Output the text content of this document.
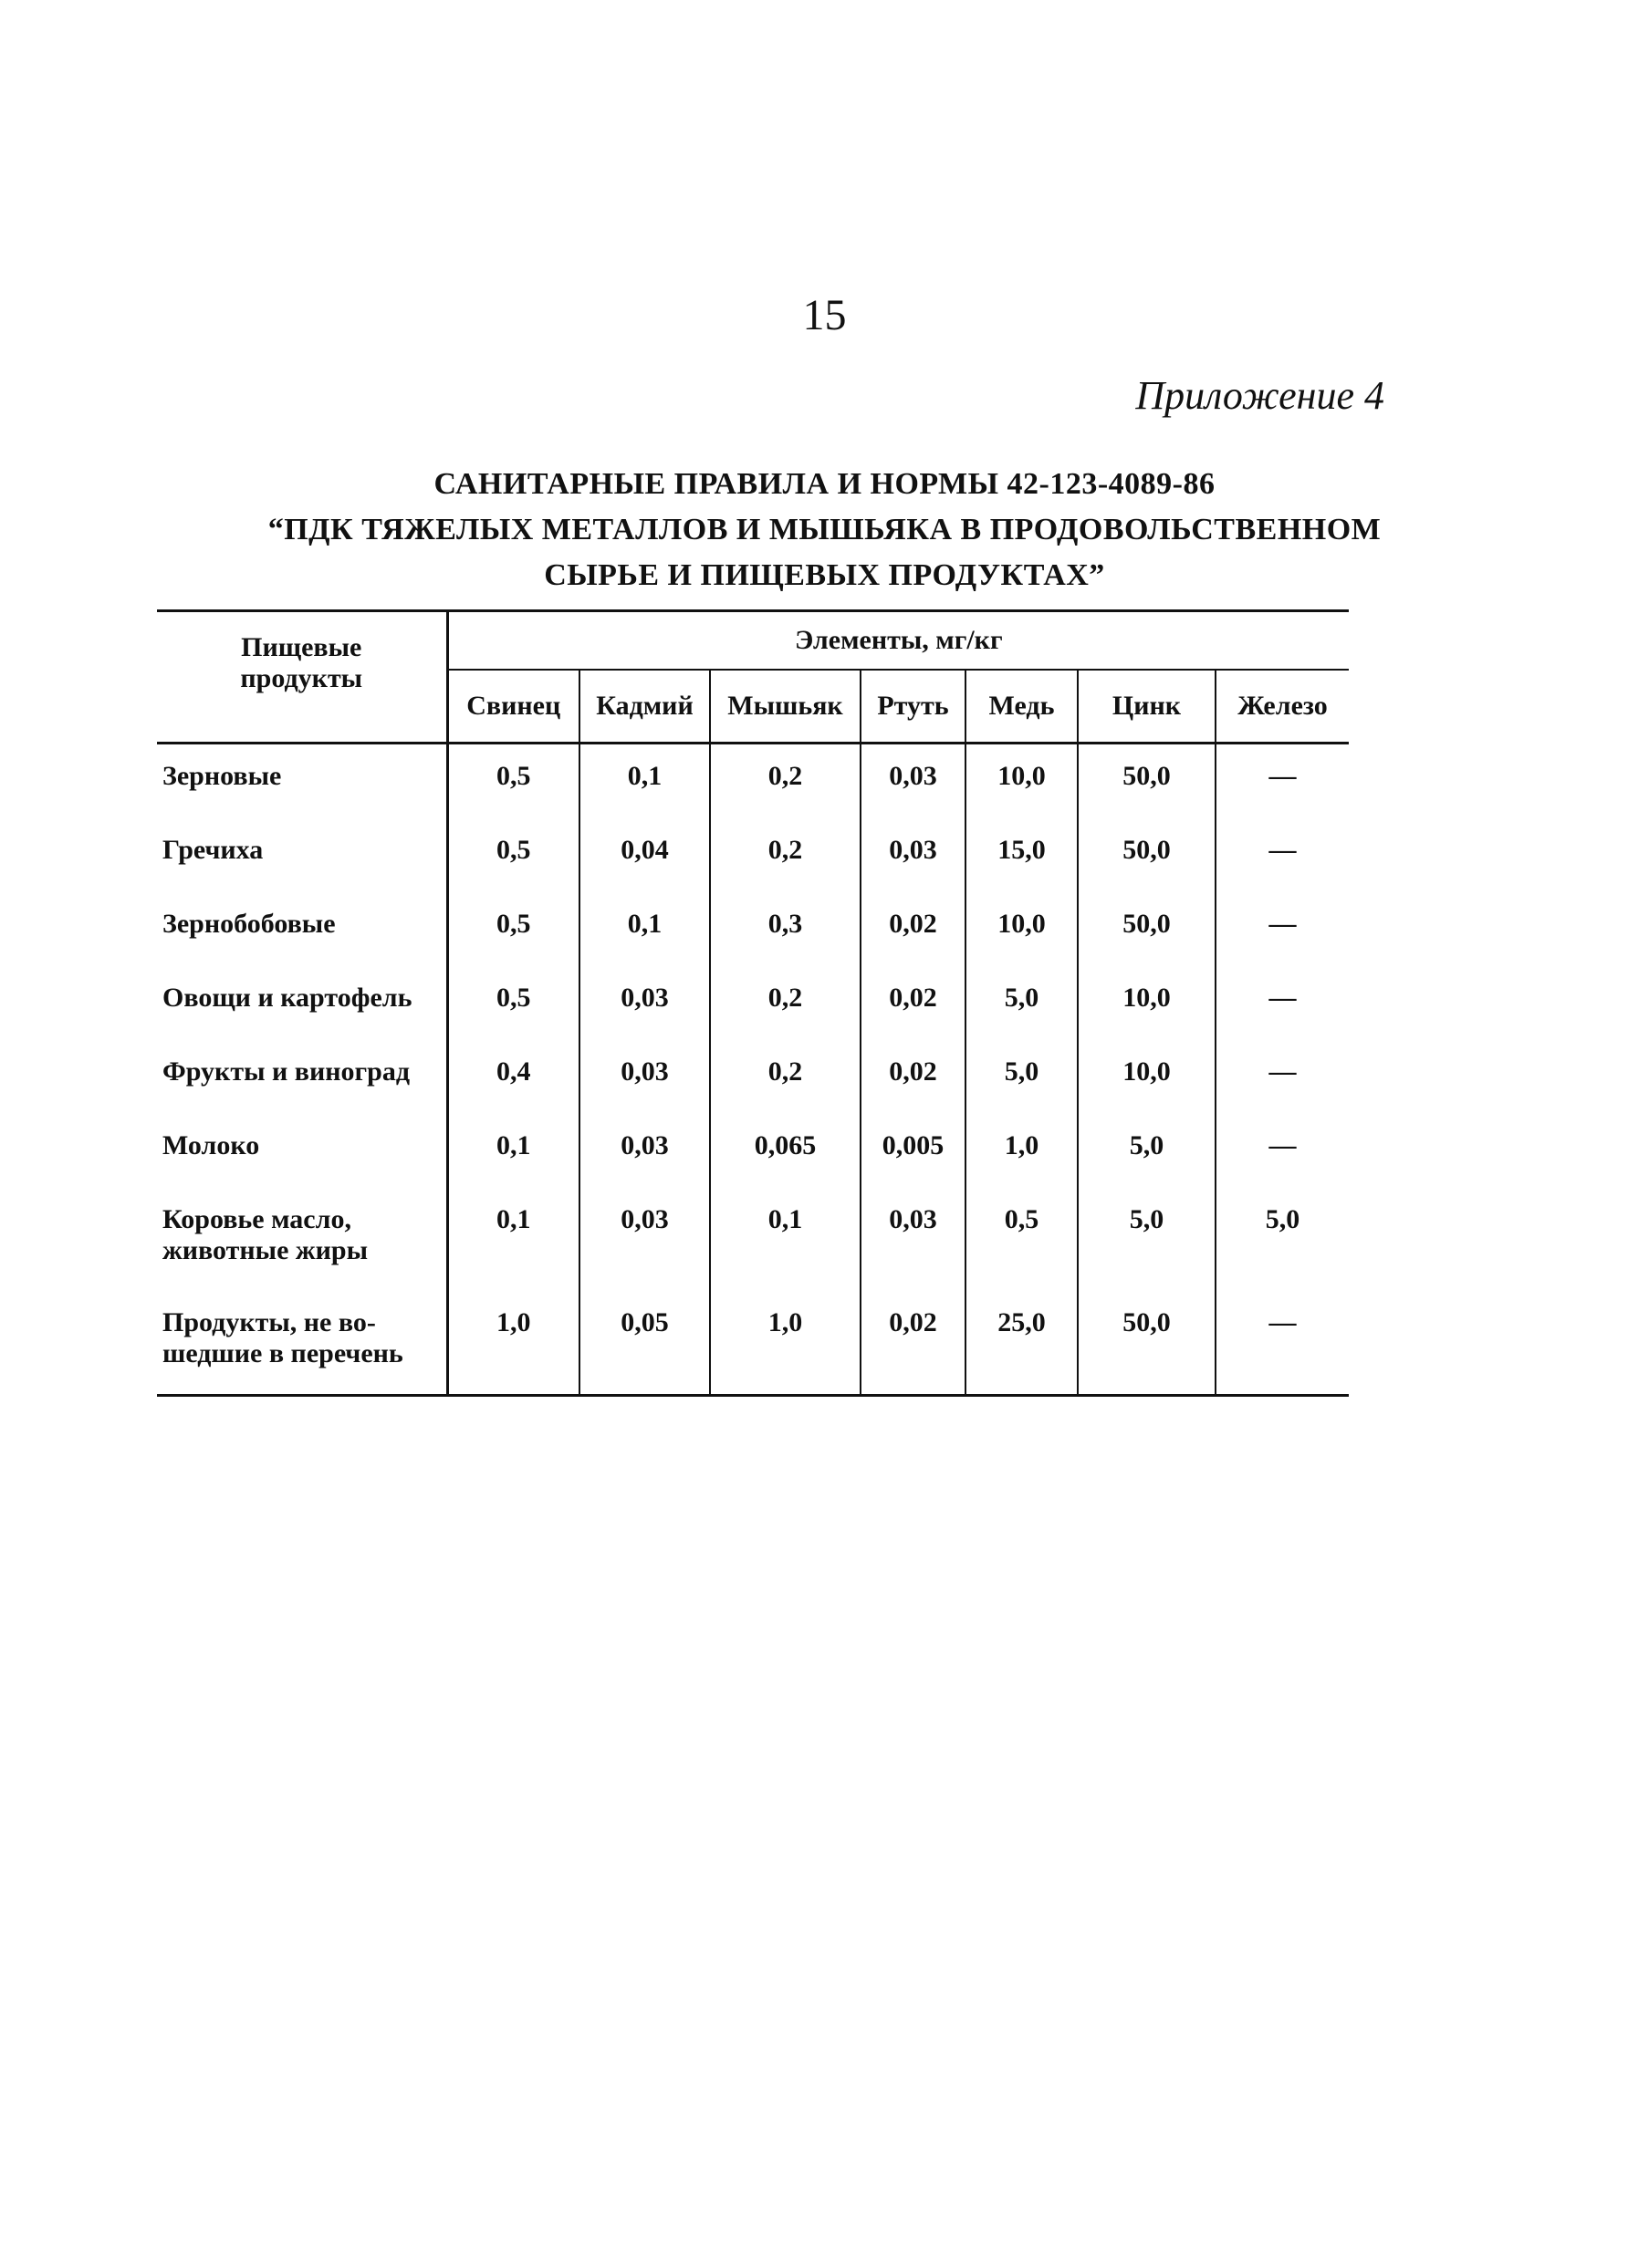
15
Приложение 4
САНИТАРНЫЕ ПРАВИЛА И НОРМЫ 42-123-4089-86
“ПДК ТЯЖЕЛЫХ МЕТАЛЛОВ И МЫШЬЯКА В ПРОДОВОЛЬСТВЕННОМ
СЫРЬЕ И ПИЩЕВЫХ ПРОДУКТАХ”
Пищевые
продукты	Элементы, мг/кг						
	Свинец	Кадмий	Мышьяк	Ртуть	Медь	Цинк	Железо
Зерновые	0,5	0,1	0,2	0,03	10,0	50,0	—
Гречиха	0,5	0,04	0,2	0,03	15,0	50,0	—
Зернобобовые	0,5	0,1	0,3	0,02	10,0	50,0	—
Овощи и картофель	0,5	0,03	0,2	0,02	5,0	10,0	—
Фрукты и виноград	0,4	0,03	0,2	0,02	5,0	10,0	—
Молоко	0,1	0,03	0,065	0,005	1,0	5,0	—

Коровье масло,
животные жиры	0,1	0,03	0,1	0,03	0,5	5,0	5,0

Продукты, не во-
шедшие в перечень	1,0	0,05	1,0	0,02	25,0	50,0	—
